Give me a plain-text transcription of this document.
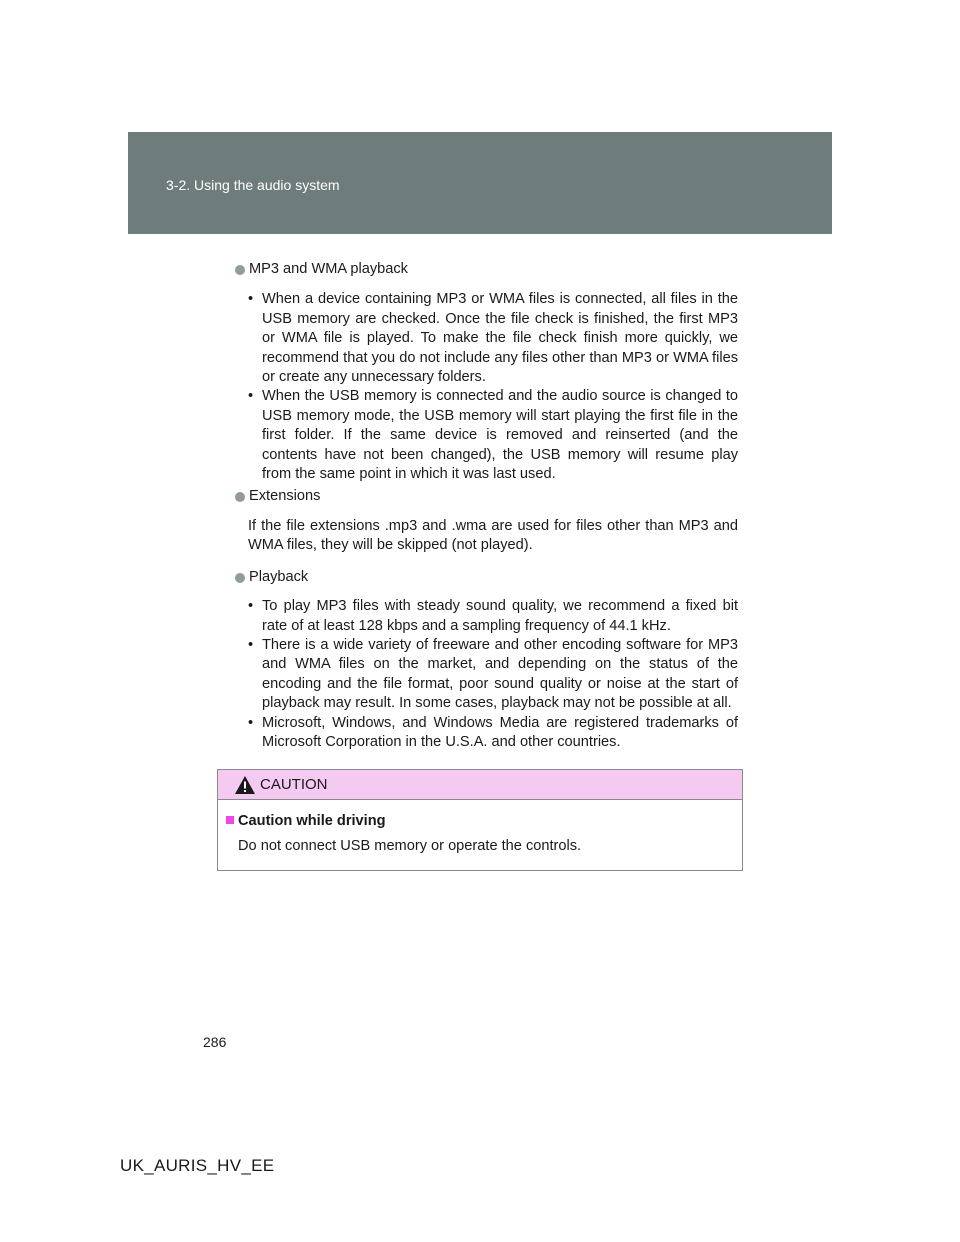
3-2. Using the audio system
MP3 and WMA playback
• When a device containing MP3 or WMA files is connected, all files in the USB memory are checked. Once the file check is finished, the first MP3 or WMA file is played. To make the file check finish more quickly, we recommend that you do not include any files other than MP3 or WMA files or create any unnecessary folders.
• When the USB memory is connected and the audio source is changed to USB memory mode, the USB memory will start playing the first file in the first folder. If the same device is removed and reinserted (and the contents have not been changed), the USB memory will resume play from the same point in which it was last used.
Extensions

If the file extensions .mp3 and .wma are used for files other than MP3 and WMA files, they will be skipped (not played).

Playback
• To play MP3 files with steady sound quality, we recommend a fixed bit rate of at least 128 kbps and a sampling frequency of 44.1 kHz.
• There is a wide variety of freeware and other encoding software for MP3 and WMA files on the market, and depending on the status of the encoding and the file format, poor sound quality or noise at the start of playback may result. In some cases, playback may not be possible at all.
• Microsoft, Windows, and Windows Media are registered trademarks of Microsoft Corporation in the U.S.A. and other countries.
CAUTION
Caution while driving
Do not connect USB memory or operate the controls.
286
UK_AURIS_HV_EE
